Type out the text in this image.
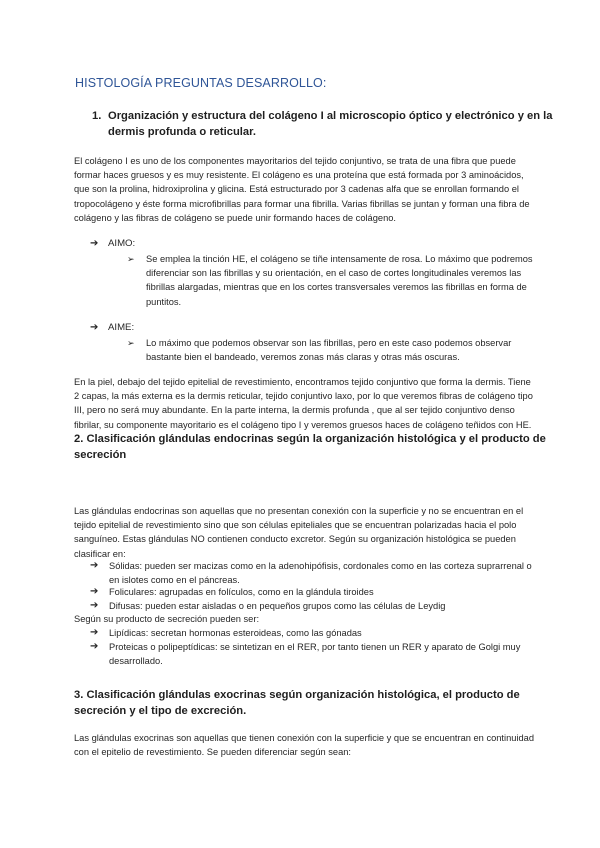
HISTOLOGÍA PREGUNTAS DESARROLLO:
1. Organización y estructura del colágeno I al microscopio óptico y electrónico y en la
dermis profunda o reticular.
El colágeno I es uno de los componentes mayoritarios del tejido conjuntivo, se trata de una fibra que puede formar haces gruesos y es muy resistente. El colágeno es una proteína que está formada por 3 aminoácidos, que son la prolina, hidroxiprolina y glicina. Está estructurado por 3 cadenas alfa que se enrollan formando el tropocolágeno y éste forma microfibrillas para formar una fibrilla. Varias fibrillas se juntan y forman una fibra de colágeno y las fibras de colágeno se puede unir formando haces de colágeno.
➔ AIMO:
➢ Se emplea la tinción HE, el colágeno se tiñe intensamente de rosa. Lo máximo que podremos diferenciar son las fibrillas y su orientación, en el caso de cortes longitudinales veremos las fibrillas alargadas, mientras que en los cortes transversales veremos las fibrillas en forma de puntitos.
➔ AIME:
➢ Lo máximo que podemos observar son las fibrillas, pero en este caso podemos observar bastante bien el bandeado, veremos zonas más claras y otras más oscuras.
En la piel, debajo del tejido epitelial de revestimiento, encontramos tejido conjuntivo que forma la dermis. Tiene 2 capas, la más externa es la dermis reticular, tejido conjuntivo laxo, por lo que veremos fibras de colágeno tipo III, pero no será muy abundante. En la parte interna, la dermis profunda , que al ser tejido conjuntivo denso fibrilar, su componente mayoritario es el colágeno tipo I y veremos gruesos haces de colágeno teñidos con HE.
2. Clasificación glándulas endocrinas según la organización histológica y el producto de
secreción
Las glándulas endocrinas son aquellas que no presentan conexión con la superficie y no se encuentran en el tejido epitelial de revestimiento sino que son células epiteliales que se encuentran polarizadas hacia el polo sanguíneo. Estas glándulas NO contienen conducto excretor. Según su organización histológica se pueden clasificar en:
➔ Sólidas: pueden ser macizas como en la adenohipófisis, cordonales como en las corteza suprarrenal o en islotes como en el páncreas.
➔ Foliculares: agrupadas en folículos, como en la glándula tiroides
➔ Difusas: pueden estar aisladas o en pequeños grupos como las células de Leydig
Según su producto de secreción pueden ser:
➔ Lipídicas: secretan hormonas esteroideas, como las gónadas
➔ Proteicas o polipeptídicas: se sintetizan en el RER, por tanto tienen un RER y aparato de Golgi muy desarrollado.
3. Clasificación glándulas exocrinas según organización histológica, el producto de
secreción y el tipo de excreción.
Las glándulas exocrinas son aquellas que tienen conexión con la superficie y que se encuentran en continuidad con el epitelio de revestimiento. Se pueden diferenciar según sean:
